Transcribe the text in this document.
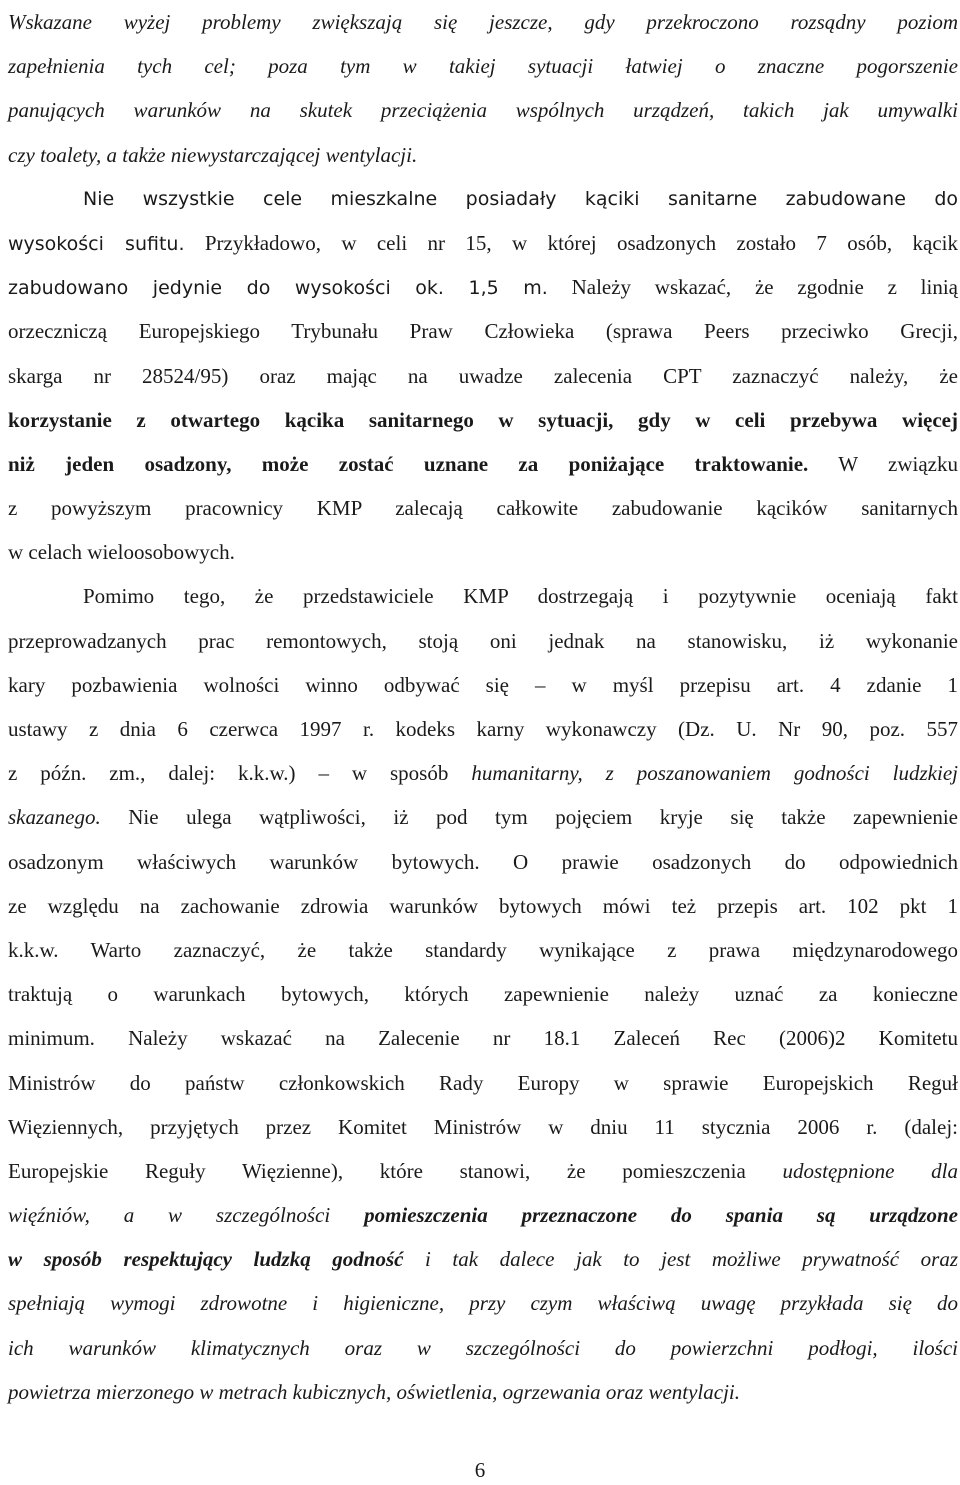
Wskazane wyżej problemy zwiększają się jeszcze, gdy przekroczono rozsądny poziom
zapełnienia tych cel; poza tym w takiej sytuacji łatwiej o znaczne pogorszenie
panujących warunków na skutek przeciążenia wspólnych urządzeń, takich jak umywalki
czy toalety, a także niewystarczającej wentylacji.
Nie wszystkie cele mieszkalne posiadały kąciki sanitarne zabudowane do
wysokości sufitu. Przykładowo, w celi nr 15, w której osadzonych zostało 7 osób, kącik
zabudowano jedynie do wysokości ok. 1,5 m. Należy wskazać, że zgodnie z linią
orzeczniczą Europejskiego Trybunału Praw Człowieka (sprawa Peers przeciwko Grecji,
skarga nr 28524/95) oraz mając na uwadze zalecenia CPT zaznaczyć należy, że
korzystanie z otwartego kącika sanitarnego w sytuacji, gdy w celi przebywa więcej
niż jeden osadzony, może zostać uznane za poniżające traktowanie. W związku
z powyższym pracownicy KMP zalecają całkowite zabudowanie kącików sanitarnych
w celach wieloosobowych.
Pomimo tego, że przedstawiciele KMP dostrzegają i pozytywnie oceniają fakt
przeprowadzanych prac remontowych, stoją oni jednak na stanowisku, iż wykonanie
kary pozbawienia wolności winno odbywać się – w myśl przepisu art. 4 zdanie 1
ustawy z dnia 6 czerwca 1997 r. kodeks karny wykonawczy (Dz. U. Nr 90, poz. 557
z późn. zm., dalej: k.k.w.) – w sposób humanitarny, z poszanowaniem godności ludzkiej
skazanego. Nie ulega wątpliwości, iż pod tym pojęciem kryje się także zapewnienie
osadzonym właściwych warunków bytowych. O prawie osadzonych do odpowiednich
ze względu na zachowanie zdrowia warunków bytowych mówi też przepis art. 102 pkt 1
k.k.w. Warto zaznaczyć, że także standardy wynikające z prawa międzynarodowego
traktują o warunkach bytowych, których zapewnienie należy uznać za konieczne
minimum. Należy wskazać na Zalecenie nr 18.1 Zaleceń Rec (2006)2 Komitetu
Ministrów do państw członkowskich Rady Europy w sprawie Europejskich Reguł
Więziennych, przyjętych przez Komitet Ministrów w dniu 11 stycznia 2006 r. (dalej:
Europejskie Reguły Więzienne), które stanowi, że pomieszczenia udostępnione dla
więźniów, a w szczególności pomieszczenia przeznaczone do spania są urządzone
w sposób respektujący ludzką godność i tak dalece jak to jest możliwe prywatność oraz
spełniają wymogi zdrowotne i higieniczne, przy czym właściwą uwagę przykłada się do
ich warunków klimatycznych oraz w szczególności do powierzchni podłogi, ilości
powietrza mierzonego w metrach kubicznych, oświetlenia, ogrzewania oraz wentylacji.
6
